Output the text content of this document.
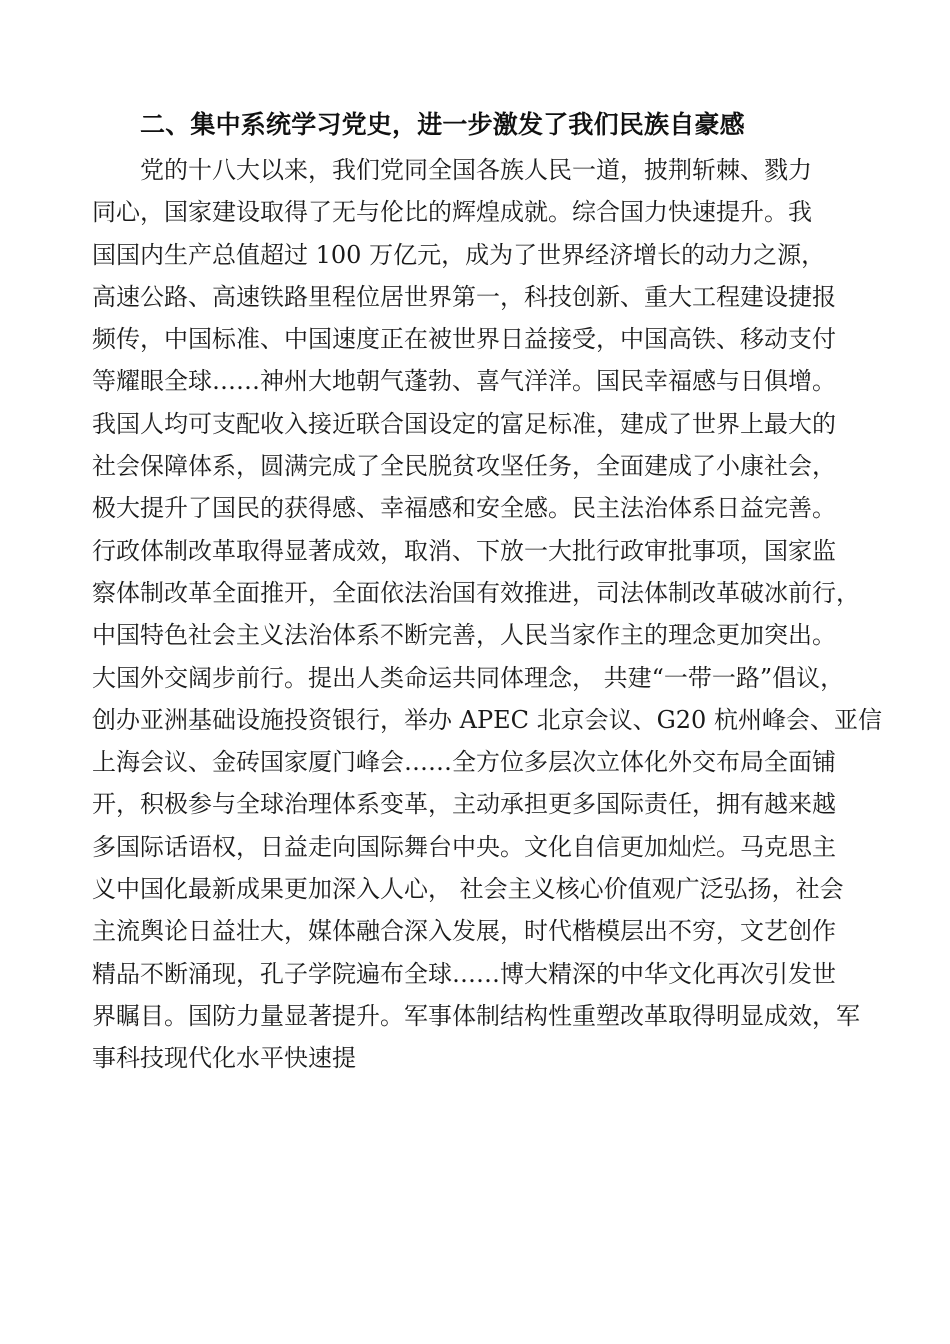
二、集中系统学习党史，进一步激发了我们民族自豪感
党的十八大以来，我们党同全国各族人民一道，披荆斩棘、戮力
同心，国家建设取得了无与伦比的辉煌成就。综合国力快速提升。我
国国内生产总值超过 100 万亿元，成为了世界经济增长的动力之源，
高速公路、高速铁路里程位居世界第一，科技创新、重大工程建设捷报
频传，中国标准、中国速度正在被世界日益接受，中国高铁、移动支付
等耀眼全球……神州大地朝气蓬勃、喜气洋洋。国民幸福感与日俱增。
我国人均可支配收入接近联合国设定的富足标准，建成了世界上最大的
社会保障体系，圆满完成了全民脱贫攻坚任务，全面建成了小康社会，
极大提升了国民的获得感、幸福感和安全感。民主法治体系日益完善。
行政体制改革取得显著成效，取消、下放一大批行政审批事项，国家监
察体制改革全面推开，全面依法治国有效推进，司法体制改革破冰前行，
中国特色社会主义法治体系不断完善，人民当家作主的理念更加突出。
大国外交阔步前行。提出人类命运共同体理念， 共建“一带一路”倡议，
创办亚洲基础设施投资银行，举办 APEC 北京会议、G20 杭州峰会、亚信
上海会议、金砖国家厦门峰会……全方位多层次立体化外交布局全面铺
开，积极参与全球治理体系变革，主动承担更多国际责任，拥有越来越
多国际话语权，日益走向国际舞台中央。文化自信更加灿烂。马克思主
义中国化最新成果更加深入人心， 社会主义核心价值观广泛弘扬，社会
主流舆论日益壮大，媒体融合深入发展，时代楷模层出不穷，文艺创作
精品不断涌现，孔子学院遍布全球……博大精深的中华文化再次引发世
界瞩目。国防力量显著提升。军事体制结构性重塑改革取得明显成效，军
事科技现代化水平快速提
